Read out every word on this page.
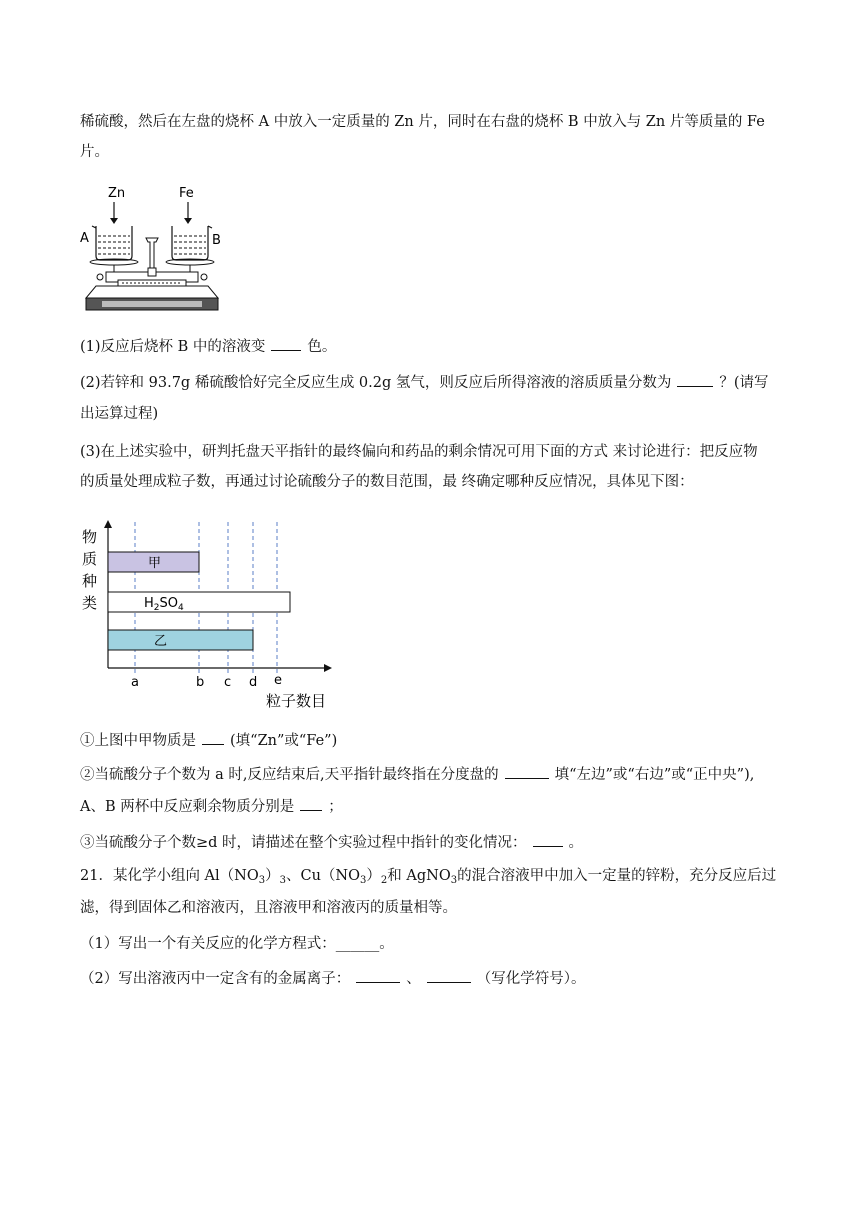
稀硫酸，然后在左盘的烧杯 A 中放入一定质量的 Zn 片，同时在右盘的烧杯 B 中放入与 Zn 片等质量的 Fe
片。
Zn	Fe
A	B
(1)反应后烧杯 B 中的溶液变	色。
(2)若锌和 93.7g 稀硫酸恰好完全反应生成 0.2g 氢气，则反应后所得溶液的溶质质量分数为	？(请写
出运算过程)
(3)在上述实验中，研判托盘天平指针的最终偏向和药品的剩余情况可用下面的方式 来讨论进行：把反应物
的质量处理成粒子数，再通过讨论硫酸分子的数目范围，最 终确定哪种反应情况，具体见下图：
物
质
种
类
甲
$H_2SO_4$
乙
a	b c d e
粒子数目
①上图中甲物质是 (填“Zn”或“Fe”)
②当硫酸分子个数为 a 时,反应结束后,天平指针最终指在分度盘的	填“左边”或“右边”或“正中央”),
A、B 两杯中反应剩余物质分别是 ；
③当硫酸分子个数≥d 时，请描述在整个实验过程中指针的变化情况：	。
21．某化学小组向 $Al(NO_3)_3$、$Cu(NO_3)_2$和 AgNO$_3$的混合溶液甲中加入一定量的锌粉，充分反应后过
滤，得到固体乙和溶液丙，且溶液甲和溶液丙的质量相等。
（1）写出一个有关反应的化学方程式：______。
（2）写出溶液丙中一定含有的金属离子：	、	（写化学符号）。
